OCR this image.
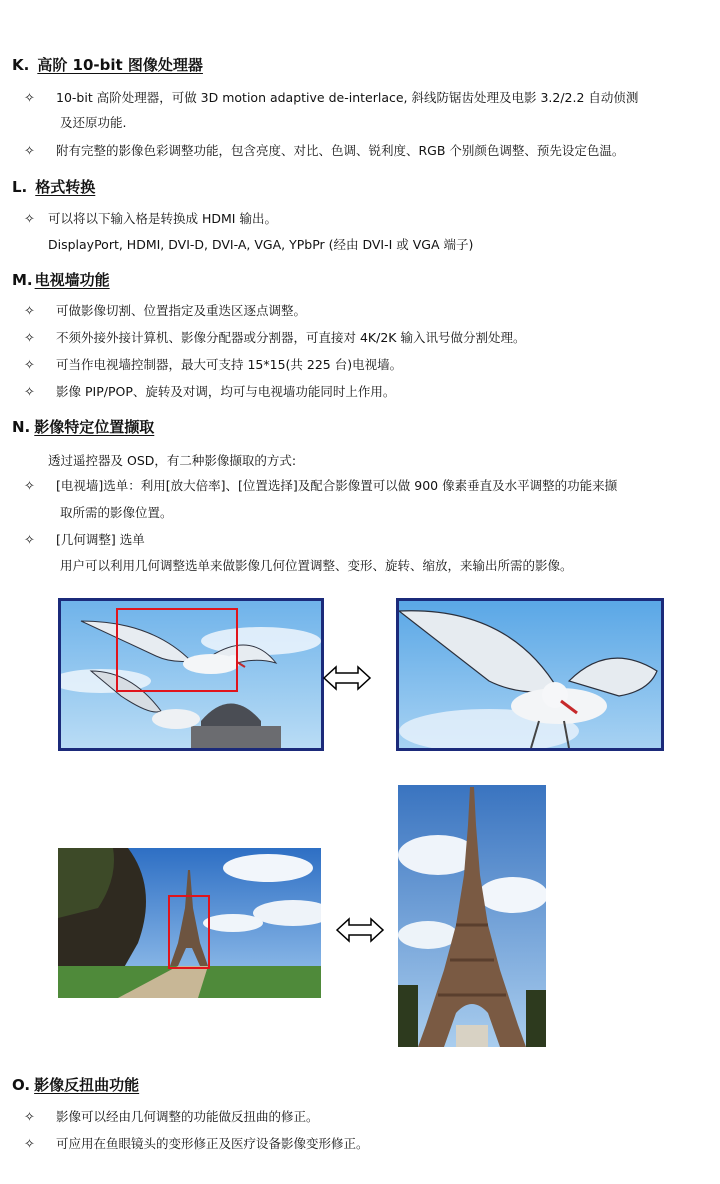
K. 高阶 10-bit 图像处理器
✧ 10-bit 高阶处理器，可做 3D motion adaptive de-interlace, 斜线防锯齿处理及电影 3.2/2.2 自动侦测
及还原功能.
✧ 附有完整的影像色彩调整功能，包含亮度、对比、色调、锐利度、RGB 个别颜色调整、预先设定色温。
L. 格式转换
✧ 可以将以下输入格是转换成 HDMI 输出。
DisplayPort, HDMI, DVI-D, DVI-A, VGA, YPbPr (经由 DVI-I 或 VGA 端子)
M. 电视墙功能
✧ 可做影像切割、位置指定及重迭区逐点调整。
✧ 不须外接外接计算机、影像分配器或分割器，可直接对 4K/2K 输入讯号做分割处理。
✧ 可当作电视墙控制器，最大可支持 15*15(共 225 台)电视墙。
✧ 影像 PIP/POP、旋转及对调，均可与电视墙功能同时上作用。
N. 影像特定位置撷取
透过遥控器及 OSD，有二种影像撷取的方式:
✧ [电视墙]选单：利用[放大倍率]、[位置选择]及配合影像置可以做 900 像素垂直及水平调整的功能来撷
取所需的影像位置。
✧ [几何调整] 选单
用户可以利用几何调整选单来做影像几何位置调整、变形、旋转、缩放，来输出所需的影像。
O. 影像反扭曲功能
✧ 影像可以经由几何调整的功能做反扭曲的修正。
✧ 可应用在鱼眼镜头的变形修正及医疗设备影像变形修正。
